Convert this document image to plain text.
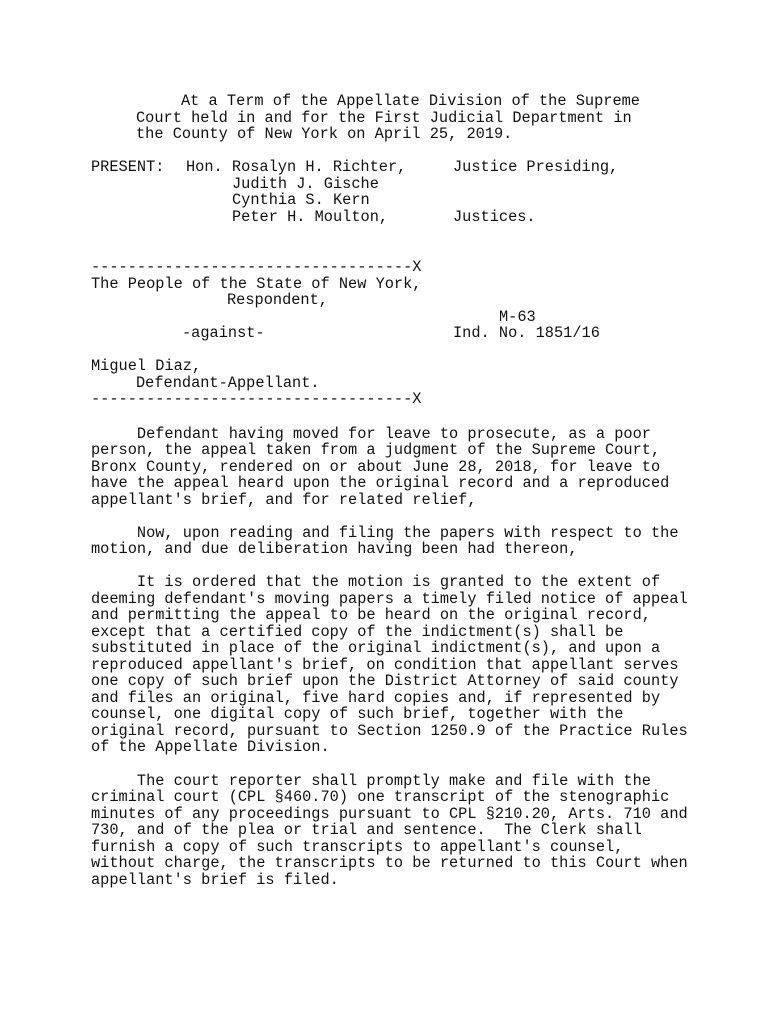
At a Term of the Appellate Division of the Supreme

Court held in and for the First Judicial Department in

the County of New York on April 25, 2019.

PRESENT: Hon. Rosalyn H. Richter,	Justice Presiding,

Judith J. Gische

Cynthia S. Kern

Peter H. Moulton,	Justices.

-----------------------------------X

The People of the State of New York,

Respondent,

M-63

-against-	Ind. No. 1851/16

Miguel Diaz,

Defendant-Appellant.

-----------------------------------X

Defendant having moved for leave to prosecute, as a poor

person, the appeal taken from a judgment of the Supreme Court,

Bronx County, rendered on or about June 28, 2018, for leave to

have the appeal heard upon the original record and a reproduced

appellant's brief, and for related relief,

Now, upon reading and filing the papers with respect to the

motion, and due deliberation having been had thereon,

It is ordered that the motion is granted to the extent of

deeming defendant's moving papers a timely filed notice of appeal

and permitting the appeal to be heard on the original record,

except that a certified copy of the indictment(s) shall be

substituted in place of the original indictment(s), and upon a

reproduced appellant's brief, on condition that appellant serves

one copy of such brief upon the District Attorney of said county

and files an original, five hard copies and, if represented by

counsel, one digital copy of such brief, together with the

original record, pursuant to Section 1250.9 of the Practice Rules

of the Appellate Division.

The court reporter shall promptly make and file with the

criminal court (CPL §460.70) one transcript of the stenographic

minutes of any proceedings pursuant to CPL §210.20, Arts. 710 and

730, and of the plea or trial and sentence.  The Clerk shall

furnish a copy of such transcripts to appellant's counsel,

without charge, the transcripts to be returned to this Court when

appellant's brief is filed.
